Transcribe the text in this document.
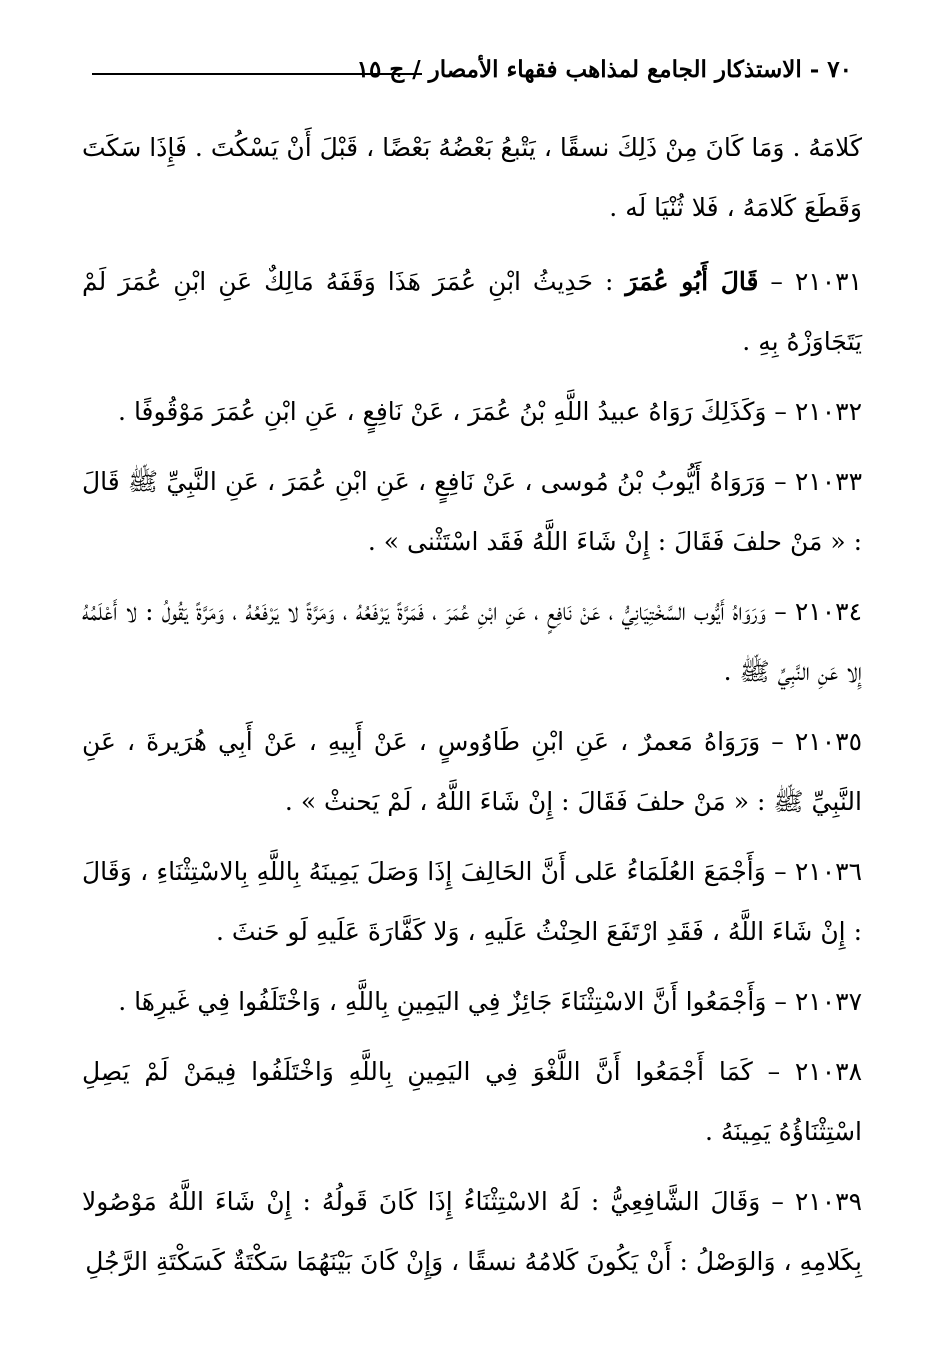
٧٠ - الاستذكار الجامع لمذاهب فقهاء الأمصار / ج ١٥

كَلامَهُ . وَمَا كَانَ مِنْ ذَلِكَ نسقًا ، يَتْبعُ بَعْضُهُ بَعْضًا ، قَبْلَ أَنْ يَسْكُتَ . فَإِذَا سَكَتَ وَقَطَعَ كَلامَهُ ، فَلا ثُنْيَا لَه .

٢١٠٣١ – قَالَ أَبُو عُمَرَ : حَدِيثُ ابْنِ عُمَرَ هَذَا وَقَفَهُ مَالِكٌ عَنِ ابْنِ عُمَرَ لَمْ يَتَجَاوَزْهُ بِهِ .

٢١٠٣٢ – وَكَذَلِكَ رَوَاهُ عبيدُ اللَّهِ بْنُ عُمَرَ ، عَنْ نَافِعٍ ، عَنِ ابْنِ عُمَرَ مَوْقُوفًا .

٢١٠٣٣ – وَرَوَاهُ أَيُّوبُ بْنُ مُوسى ، عَنْ نَافِعٍ ، عَنِ ابْنِ عُمَرَ ، عَنِ النَّبِيِّ ﷺ قَالَ : « مَنْ حلفَ فَقَالَ : إِنْ شَاءَ اللَّهُ فَقَد اسْتَثْنى » .

٢١٠٣٤ – وَرَوَاهُ أَيُّوب السَّخْتِيَانِيُّ ، عَنْ نَافِعٍ ، عَنِ ابْنِ عُمَرَ ، فَمَرَّةً يَرْفَعُهُ ، وَمَرَّةً لا يَرْفَعُهُ ، وَمَرَّةً يَقُولُ : لا أَعْلَمُهُ إِلا عَنِ النَّبِيِّ ﷺ .

٢١٠٣٥ – وَرَوَاهُ مَعمرٌ ، عَنِ ابْنِ طَاوُوسٍ ، عَنْ أَبِيهِ ، عَنْ أَبِي هُرَيرةَ ، عَنِ النَّبِيِّ ﷺ : « مَنْ حلفَ فَقَالَ : إِنْ شَاءَ اللَّهُ ، لَمْ يَحنثْ » .

٢١٠٣٦ – وَأَجْمَعَ العُلَمَاءُ عَلى أَنَّ الحَالِفَ إِذَا وَصَلَ يَمِينَهُ بِاللَّهِ بِالاسْتِثْنَاءِ ، وَقَالَ : إِنْ شَاءَ اللَّهُ ، فَقَدِ ارْتَفَعَ الحِنْثُ عَلَيهِ ، وَلا كَفَّارَةَ عَلَيهِ لَو حَنثَ .

٢١٠٣٧ – وَأَجْمَعُوا أَنَّ الاسْتِثْنَاءَ جَائِزٌ فِي اليَمِينِ بِاللَّهِ ، وَاخْتَلَفُوا فِي غَيرِهَا .

٢١٠٣٨ – كَمَا أَجْمَعُوا أَنَّ اللَّغْوَ فِي اليَمِينِ بِاللَّهِ وَاخْتَلَفُوا فِيمَنْ لَمْ يَصِلِ اسْتِثْنَاؤُهُ يَمِينَهُ .

٢١٠٣٩ – وَقَالَ الشَّافِعِيُّ : لَهُ الاسْتِثْنَاءُ إِذَا كَانَ قَولُهُ : إِنْ شَاءَ اللَّهُ مَوْصُولا بِكَلامِهِ ، وَالوَصْلُ : أَنْ يَكُونَ كَلامُهُ نسقًا ، وَإِنْ كَانَ بَيْنَهُمَا سَكْتَةٌ كَسَكْتَةِ الرَّجُلِ
